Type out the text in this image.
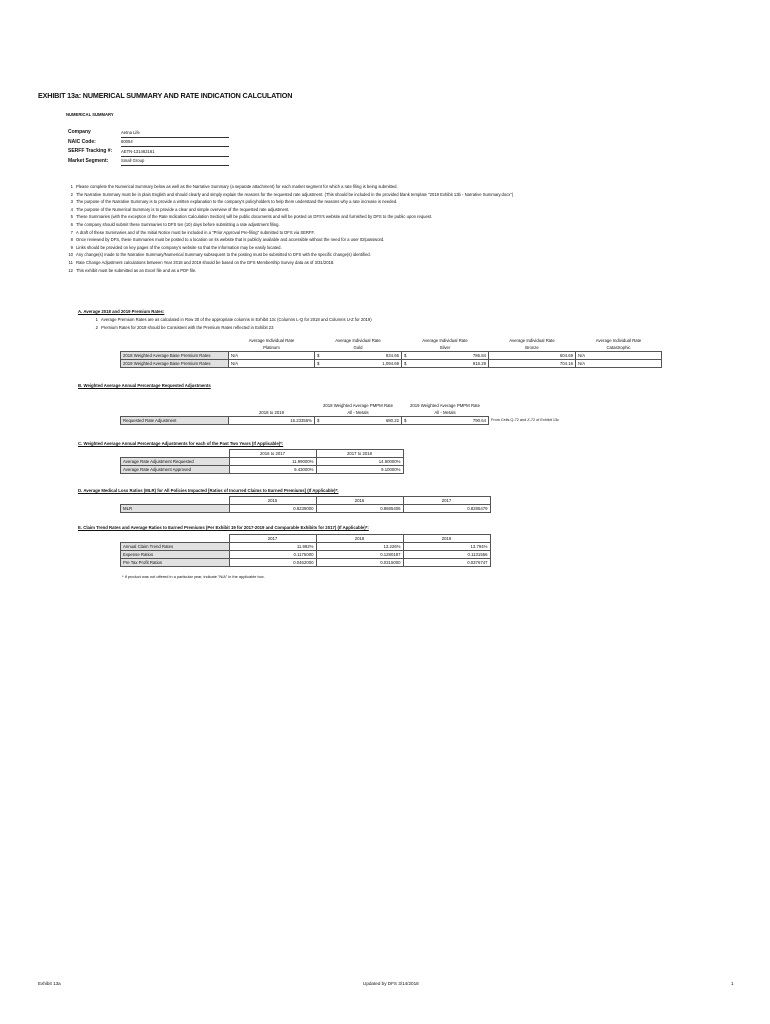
EXHIBIT 13a: NUMERICAL SUMMARY AND RATE INDICATION CALCULATION
NUMERICAL SUMMARY
Company	Aetna Life
NAIC Code:	60054
SERFF Tracking #: AETN-131462161
Market Segment:	Small Group
1 Please complete the Numerical Summary below as well as the Narrative Summary (a separate attachment) for each market segment for which a rate filing is being submitted.
2 The Narrative Summary must be in plain English and should clearly and simply explain the reasons for the requested rate adjustment. (This should be included in the provided blank template "2019 Exhibit 13b - Narrative Summary.docx")
3 The purpose of the Narrative Summary is to provide a written explanation to the company's policyholders to help them understand the reasons why a rate increase is needed.
4 The purpose of the Numerical Summary is to provide a clear and simple overview of the requested rate adjustment.
5 These Summaries (with the exception of the Rate Indication Calculation Section) will be public documents and will be posted on DFS's website and furnished by DFS to the public upon request.
6 The company should submit these Summaries to DFS ten (10) days before submitting a rate adjustment filing.
7 A draft of these Summaries and of the Initial Notice must be included in a "Prior Approval Pre-filing" submitted to DFS via SERFF.
8 Once reviewed by DFS, these Summaries must be posted to a location on its website that is publicly available and accessible without the need for a user ID/password.
9 Links should be provided on key pages of the company's website so that the information may be easily located.
10 Any change(s) made to the Narrative Summary/Numerical Summary subsequent to the posting must be submitted to DFS with the specific change(s) identified.
11 Rate Change Adjustment calculations between Year 2018 and 2019 should be based on the DFS Membership Survey data as of 3/31/2018.
12 This exhibit must be submitted as an Excel file and as a PDF file.
A. Average 2018 and 2019 Premium Rates:
1 Average Premium Rates are as calculated in Row 30 of the appropriate columns in Exhibit 13c (Columns L-Q for 2018 and Columns U-Z for 2019)
2 Premium Rates for 2019 should be Consistent with the Premium Rates reflected in Exhibit 23
	Average Individual Rate		Average Individual Rate		Average Individual Rate		Average Individual Rate		Average Individual Rate
	Platinum		Gold		Silver		Bronze		Catastrophic
2018 Weighted Average Base Premium Rates	N/A		$	834.65	$	786.84		604.69	N/A
2019 Weighted Average Base Premium Rates	N/A		$	1,094.69	$	916.28		704.16	N/A
B. Weighted Average Annual Percentage Requested Adjustments
		2018 Weighted Average PMPM Rate		2019 Weighted Average PMPM Rate		
	2018 to 2019	All - Metals		All - Metals		
Requested Rate Adjustment	16.23356%	$	680.22	$	790.64	From Cells Q-72 and Z-72 of Exhibit 13c
C. Weighted Average Annual Percentage Adjustments for each of the Past Two Years (If Applicable)*:
	2016 to 2017	2017 to 2018
Average Rate Adjustment Requested	11.99000%	14.90000%
Average Rate Adjustment Approved	9.43000%	9.10000%
D. Average Medical Loss Ratios (MLR) for All Policies Impacted [Ratios of Incurred Claims to Earned Premiums] (If Applicable)*:
	2015	2016	2017
MLR	0.8239000	0.8685406	0.8285479
E. Claim Trend Rates and Average Ratios to Earned Premiums (Per Exhibit 19 for 2017-2019 and Comparable Exhibits for 2017) (If Applicable)*:
	2017	2018	2019
Annual Claim Trend Rates	11.992%	13.226%	13.794%
Expense Ratios	0.1175000	0.1280187	0.1131556
Pre Tax Profit Ratios	0.0462000	0.0315000	0.0376747
* If product was not offered in a particular year, indicate "N/A" in the applicable box.
Exhibit 13a	Updated by DFS 3/14/2018	1
